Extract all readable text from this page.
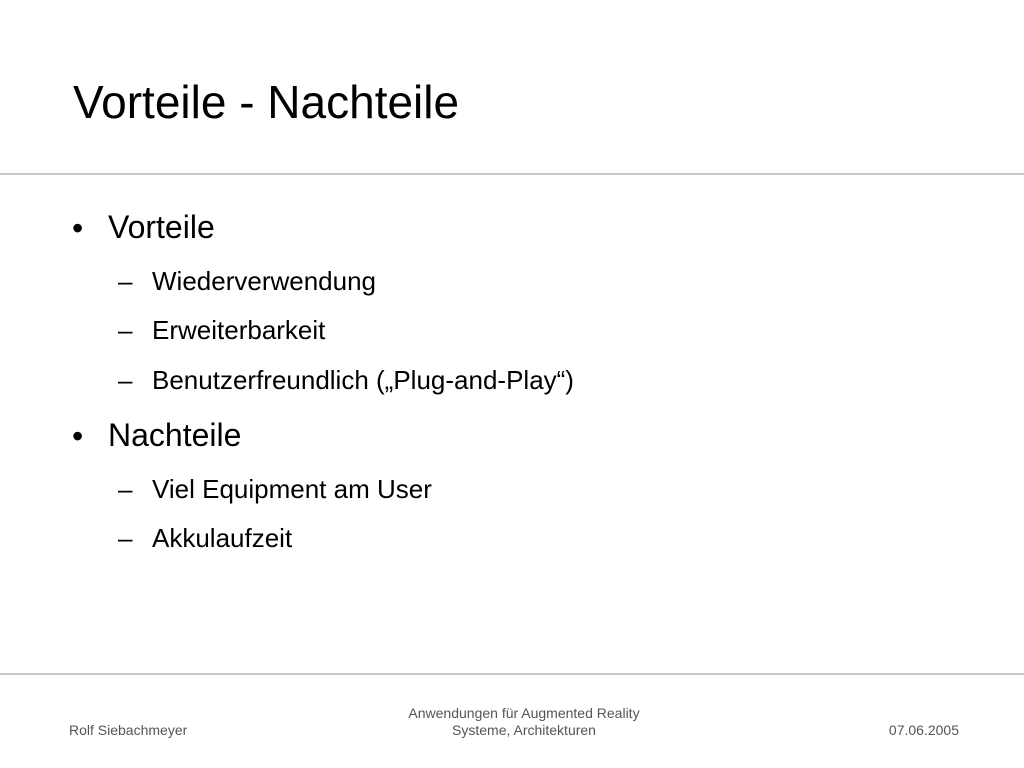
Vorteile - Nachteile
• Vorteile
– Wiederverwendung
– Erweiterbarkeit
– Benutzerfreundlich („Plug-and-Play“)
• Nachteile
– Viel Equipment am User
– Akkulaufzeit
Rolf Siebachmeyer
Anwendungen für Augmented Reality
Systeme, Architekturen	07.06.2005
